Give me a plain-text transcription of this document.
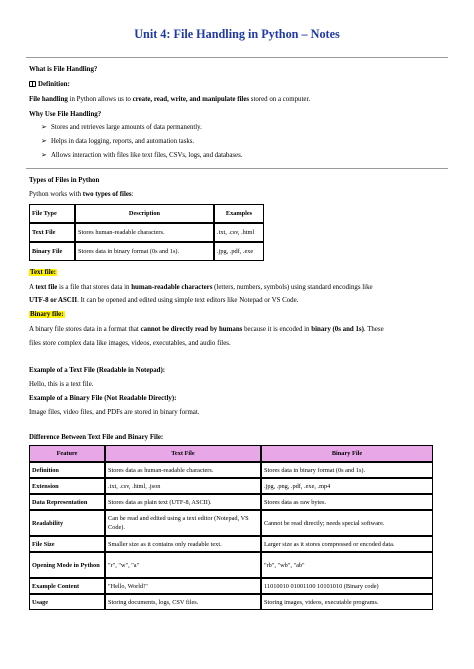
Unit 4: File Handling in Python – Notes
What is File Handling?
Definition:
File handling in Python allows us to create, read, write, and manipulate files stored on a computer.
Why Use File Handling?
➢ Stores and retrieves large amounts of data permanently.
➢ Helps in data logging, reports, and automation tasks.
➢ Allows interaction with files like text files, CSVs, logs, and databases.
Types of Files in Python
Python works with two types of files:
File Type	Description	Examples
Text File	Stores human-readable characters.	.txt, .csv, .html
Binary File	Stores data in binary format (0s and 1s).	.jpg, .pdf, .exe
Text file:
A text file is a file that stores data in human-readable characters (letters, numbers, symbols) using standard encodings like
UTF-8 or ASCII. It can be opened and edited using simple text editors like Notepad or VS Code.
Binary file:
A binary file stores data in a format that cannot be directly read by humans because it is encoded in binary (0s and 1s). These
files store complex data like images, videos, executables, and audio files.
Example of a Text File (Readable in Notepad):
Hello, this is a text file.
Example of a Binary File (Not Readable Directly):
Image files, video files, and PDFs are stored in binary format.
Difference Between Text File and Binary File:
Feature	Text File	Binary File
Definition	Stores data as human-readable characters.	Stores data in binary format (0s and 1s).
Extension	.txt, .csv, .html, .json	.jpg, .png, .pdf, .exe, .mp4
Data Representation	Stores data as plain text (UTF-8, ASCII).	Stores data as raw bytes.
Readability	Can be read and edited using a text editor (Notepad, VS Code).	Cannot be read directly; needs special software.
File Size	Smaller size as it contains only readable text.	Larger size as it stores compressed or encoded data.
Opening Mode in Python	"r", "w", "a"	"rb", "wb", "ab"
Example Content	"Hello, World!"	11010010 01001100 10101010 (Binary code)
Usage	Storing documents, logs, CSV files.	Storing images, videos, executable programs.
